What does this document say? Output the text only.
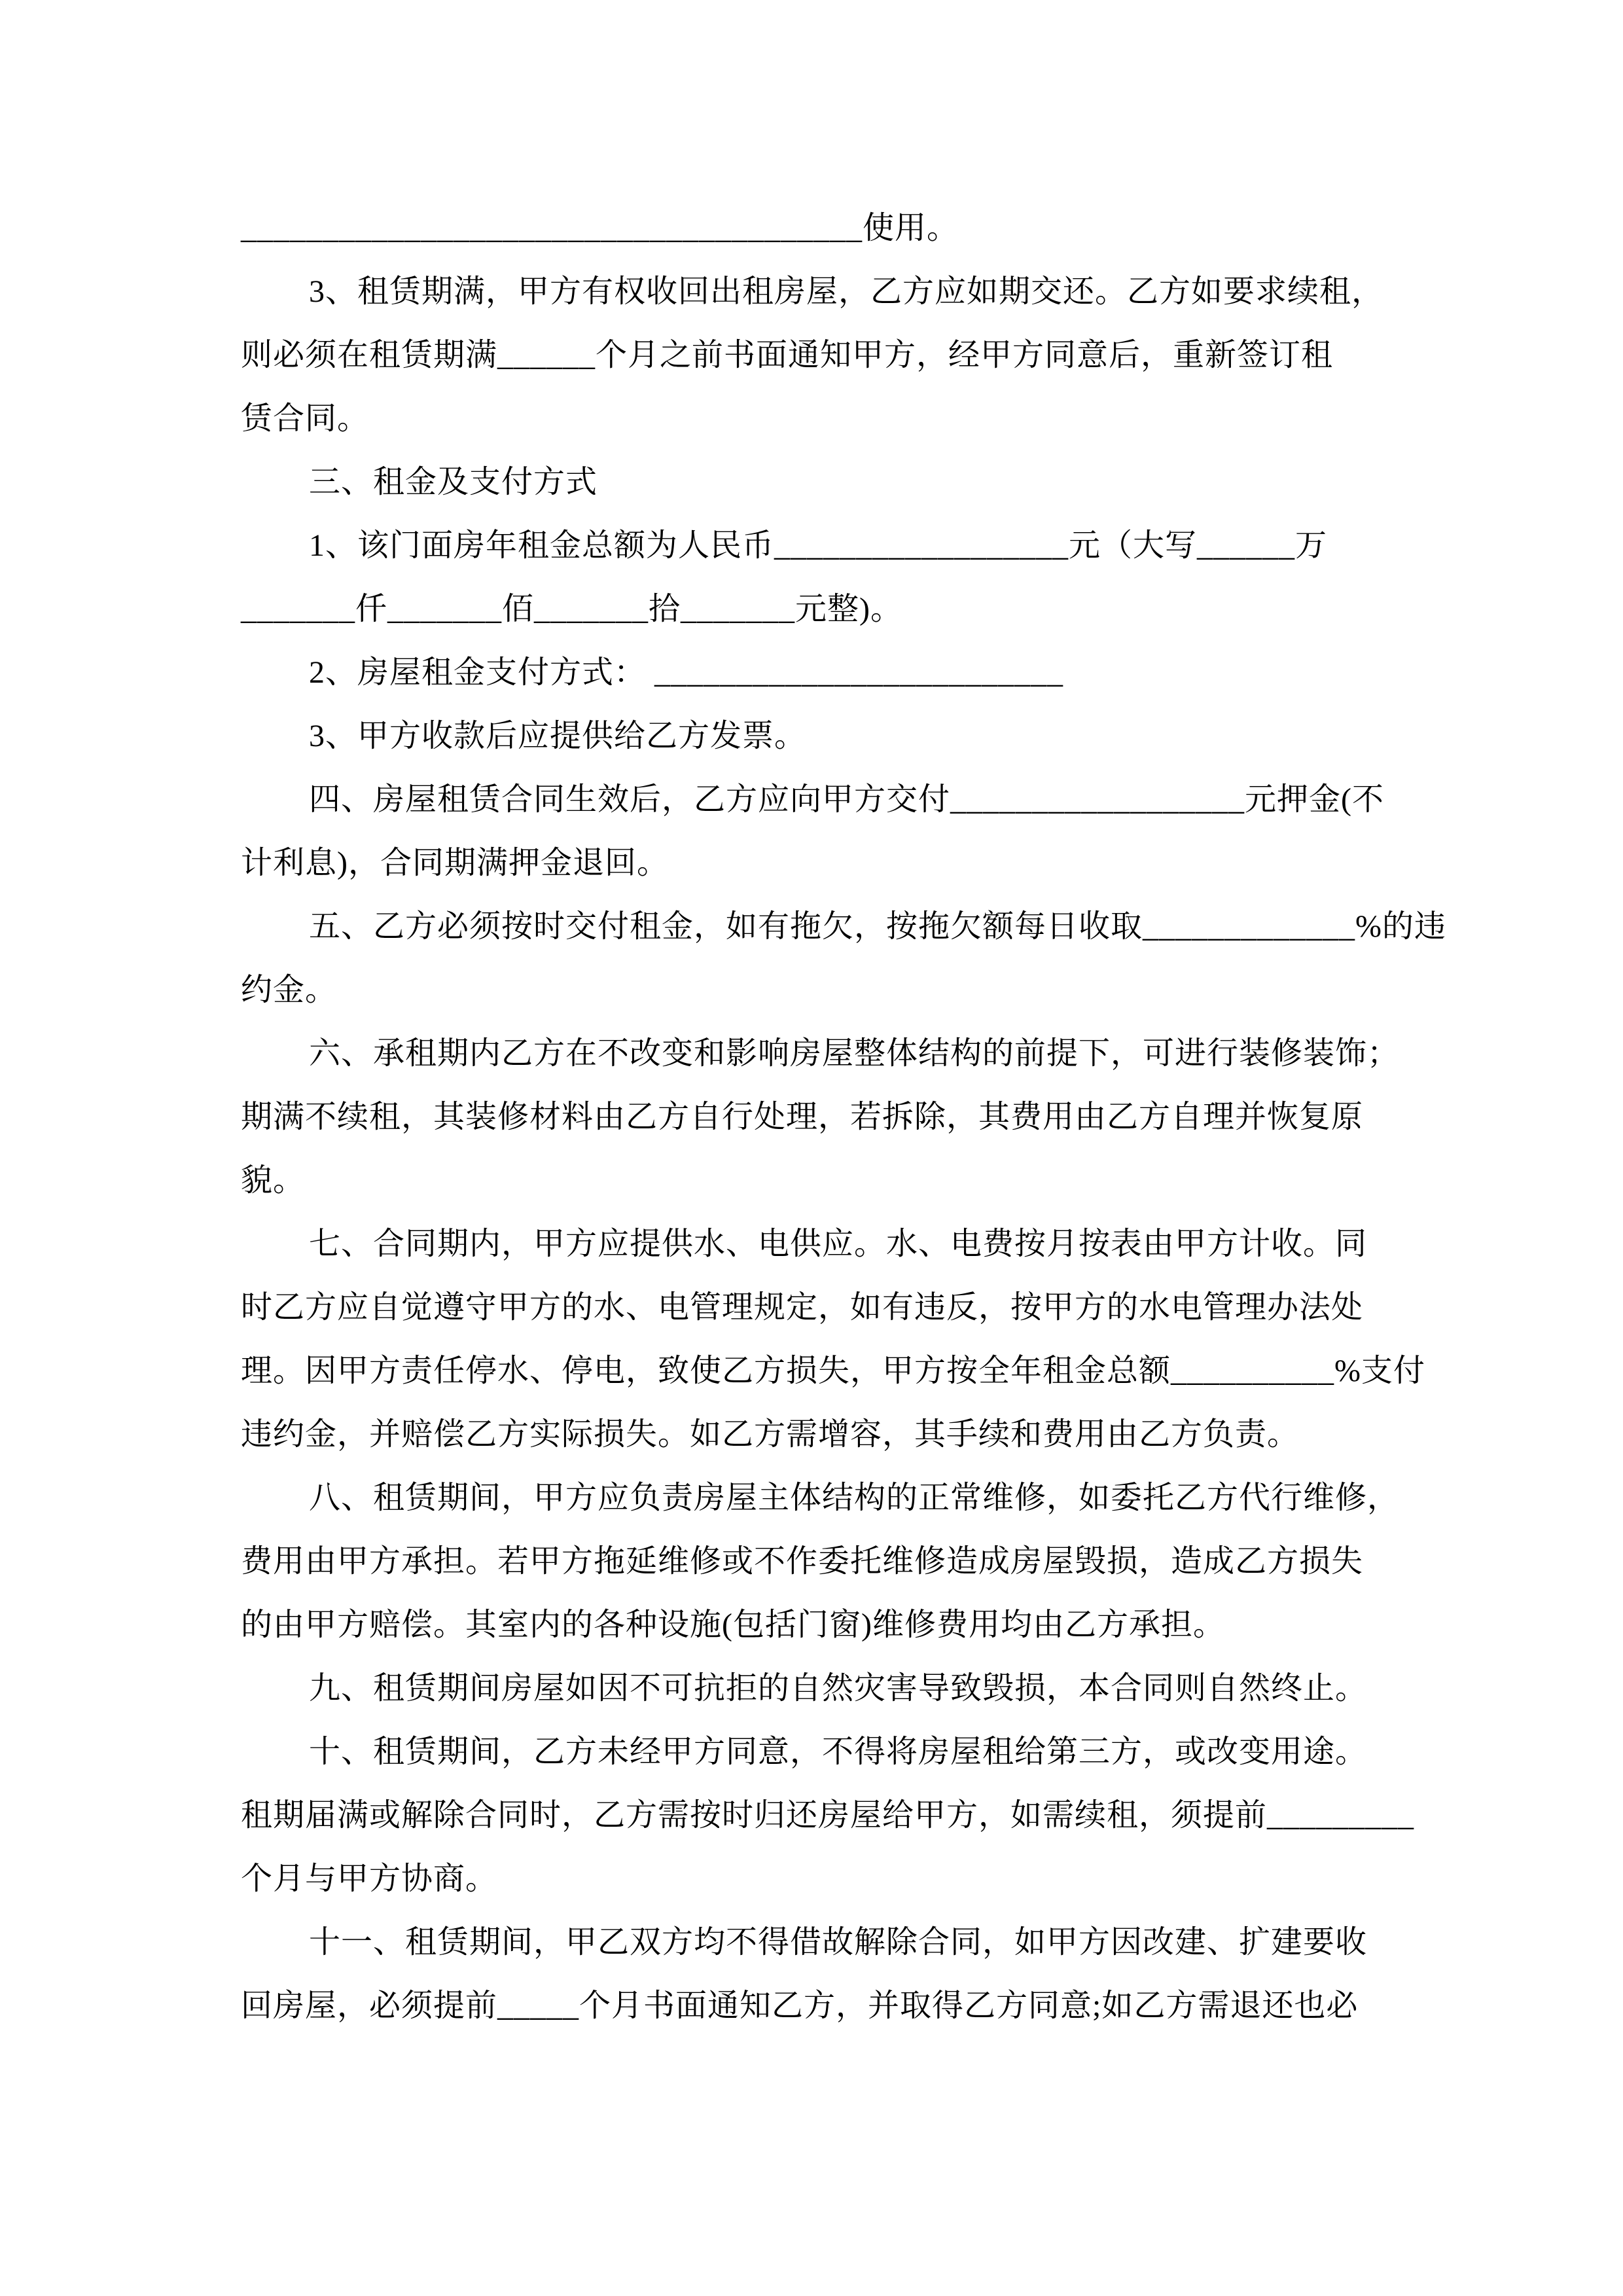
______________________________________使用。
3、租赁期满，甲方有权收回出租房屋，乙方应如期交还。乙方如要求续租，
则必须在租赁期满______个月之前书面通知甲方，经甲方同意后，重新签订租
赁合同。
三、租金及支付方式
1、该门面房年租金总额为人民币__________________元（大写______万
_______仟_______佰_______拾_______元整)。
2、房屋租金支付方式： _________________________
3、甲方收款后应提供给乙方发票。
四、房屋租赁合同生效后，乙方应向甲方交付__________________元押金(不
计利息)，合同期满押金退回。
五、乙方必须按时交付租金，如有拖欠，按拖欠额每日收取_____________%的违
约金。
六、承租期内乙方在不改变和影响房屋整体结构的前提下，可进行装修装饰；
期满不续租，其装修材料由乙方自行处理，若拆除，其费用由乙方自理并恢复原
貌。
七、合同期内，甲方应提供水、电供应。水、电费按月按表由甲方计收。同
时乙方应自觉遵守甲方的水、电管理规定，如有违反，按甲方的水电管理办法处
理。因甲方责任停水、停电，致使乙方损失，甲方按全年租金总额__________%支付
违约金，并赔偿乙方实际损失。如乙方需增容，其手续和费用由乙方负责。
八、租赁期间，甲方应负责房屋主体结构的正常维修，如委托乙方代行维修，
费用由甲方承担。若甲方拖延维修或不作委托维修造成房屋毁损，造成乙方损失
的由甲方赔偿。其室内的各种设施(包括门窗)维修费用均由乙方承担。
九、租赁期间房屋如因不可抗拒的自然灾害导致毁损，本合同则自然终止。
十、租赁期间，乙方未经甲方同意，不得将房屋租给第三方，或改变用途。
租期届满或解除合同时，乙方需按时归还房屋给甲方，如需续租，须提前_________
个月与甲方协商。
十一、租赁期间，甲乙双方均不得借故解除合同，如甲方因改建、扩建要收
回房屋，必须提前_____个月书面通知乙方，并取得乙方同意;如乙方需退还也必
